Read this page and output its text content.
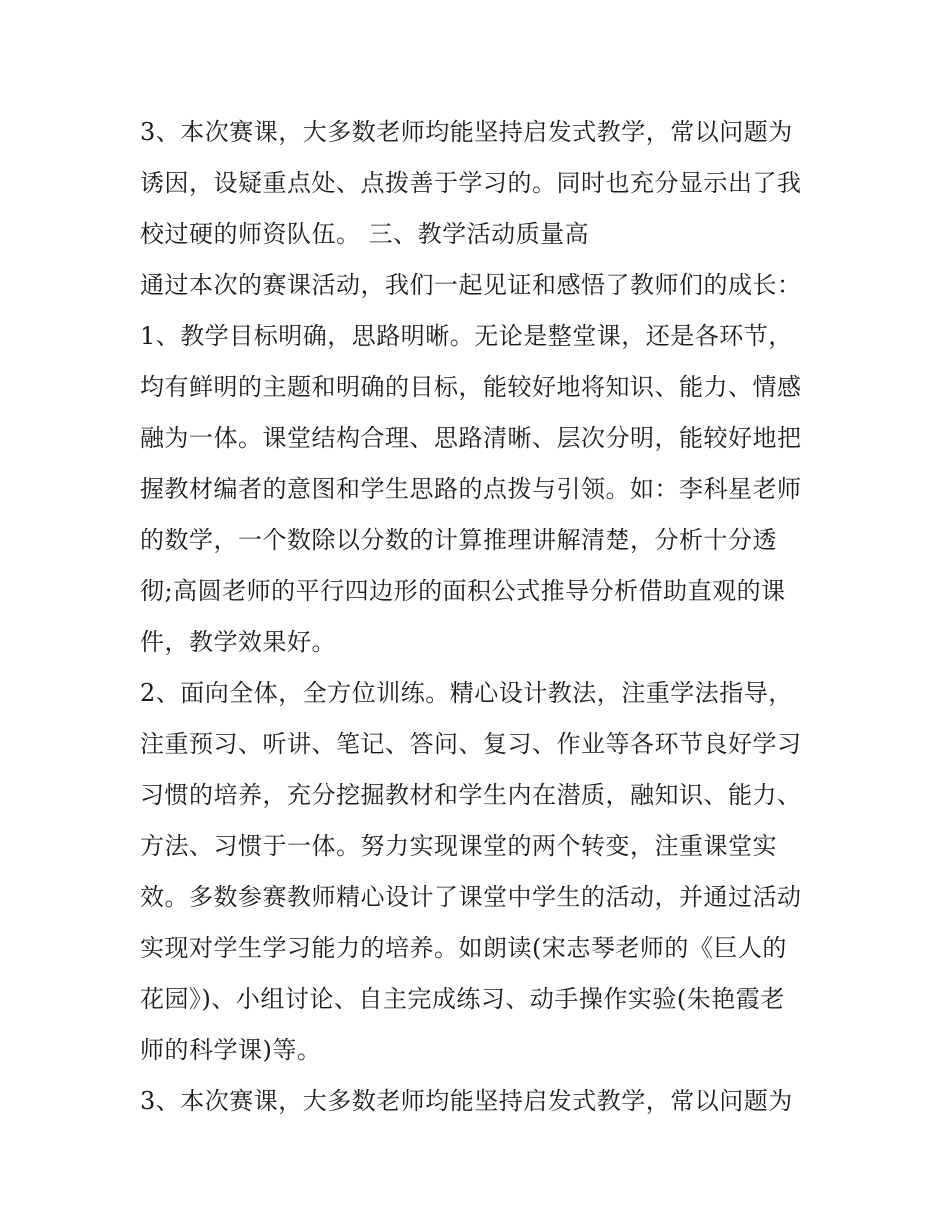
3、本次赛课，大多数老师均能坚持启发式教学，常以问题为
诱因，设疑重点处、点拨善于学习的。同时也充分显示出了我
校过硬的师资队伍。 三、教学活动质量高
通过本次的赛课活动，我们一起见证和感悟了教师们的成长：
1、教学目标明确，思路明晰。无论是整堂课，还是各环节，
均有鲜明的主题和明确的目标，能较好地将知识、能力、情感
融为一体。课堂结构合理、思路清晰、层次分明，能较好地把
握教材编者的意图和学生思路的点拨与引领。如：李科星老师
的数学，一个数除以分数的计算推理讲解清楚，分析十分透
彻;高圆老师的平行四边形的面积公式推导分析借助直观的课
件，教学效果好。
2、面向全体，全方位训练。精心设计教法，注重学法指导，
注重预习、听讲、笔记、答问、复习、作业等各环节良好学习
习惯的培养，充分挖掘教材和学生内在潜质，融知识、能力、
方法、习惯于一体。努力实现课堂的两个转变，注重课堂实
效。多数参赛教师精心设计了课堂中学生的活动，并通过活动
实现对学生学习能力的培养。如朗读(宋志琴老师的《巨人的
花园》)、小组讨论、自主完成练习、动手操作实验(朱艳霞老
师的科学课)等。
3、本次赛课，大多数老师均能坚持启发式教学，常以问题为
